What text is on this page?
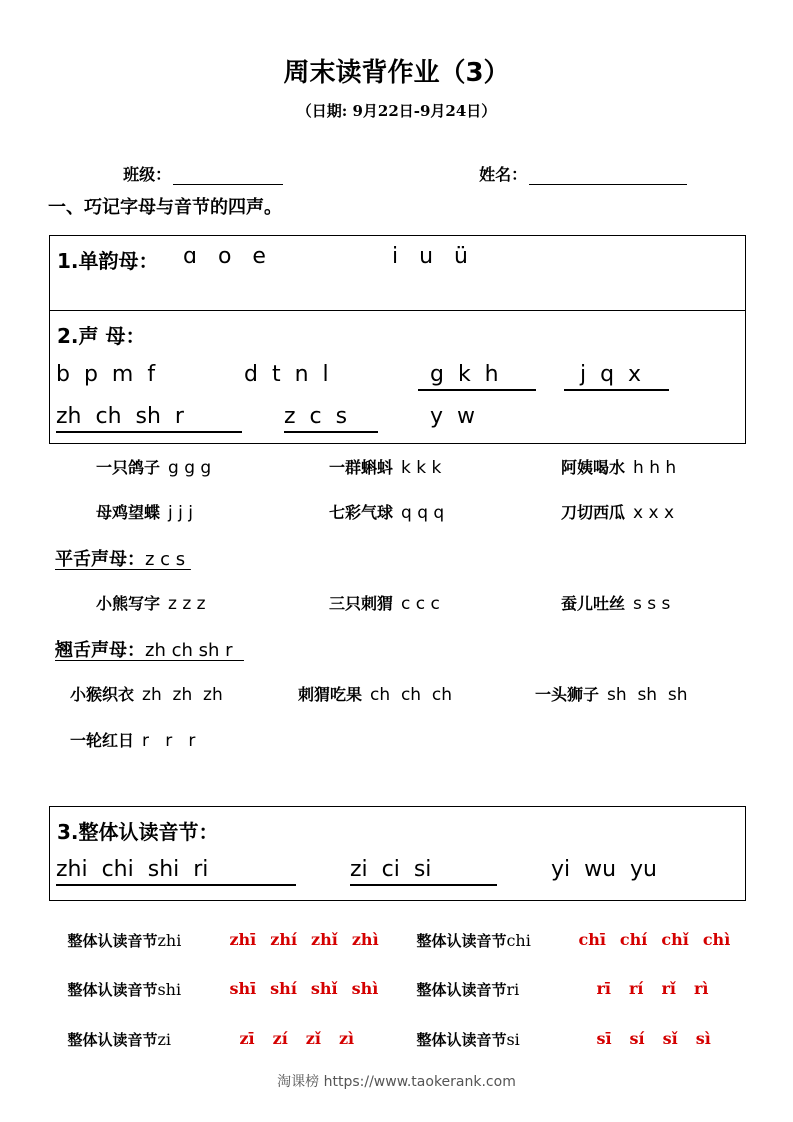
周末读背作业（3）
（日期: 9月22日-9月24日）

班级：	姓名：

一、巧记字母与音节的四声。
1.单韵母： ɑ   o   e	i   u   ü
2.声 母：
b  p  m  f	d  t  n  l	g  k  h	j  q  x
zh  ch  sh  r	z  c  s	y  w
一只鸽子 g g g	一群蝌蚪 k k k	阿姨喝水 h h h
母鸡望蝶 j j j	七彩气球 q q q	刀切西瓜 x x x
平舌声母：z c s
小熊写字 z z z	三只刺猬 c c c	蚕儿吐丝 s s s
翘舌声母：zh ch sh r
小猴织衣 zh  zh  zh	刺猬吃果 ch  ch  ch	一头狮子 sh  sh  sh
一轮红日 r   r   r
3.整体认读音节：
zhi  chi  shi  ri	zi  ci  si	yi  wu  yu

整体认读音节zhi	zhī zhí zhǐ zhì	整体认读音节chi	chī chí chǐ chì

整体认读音节shi	shī shí shǐ shì	整体认读音节ri	rī rí rǐ rì

整体认读音节zi	zī zí zǐ zì	整体认读音节si	sī sí sǐ sì

淘课榜 https://www.taokerank.com
